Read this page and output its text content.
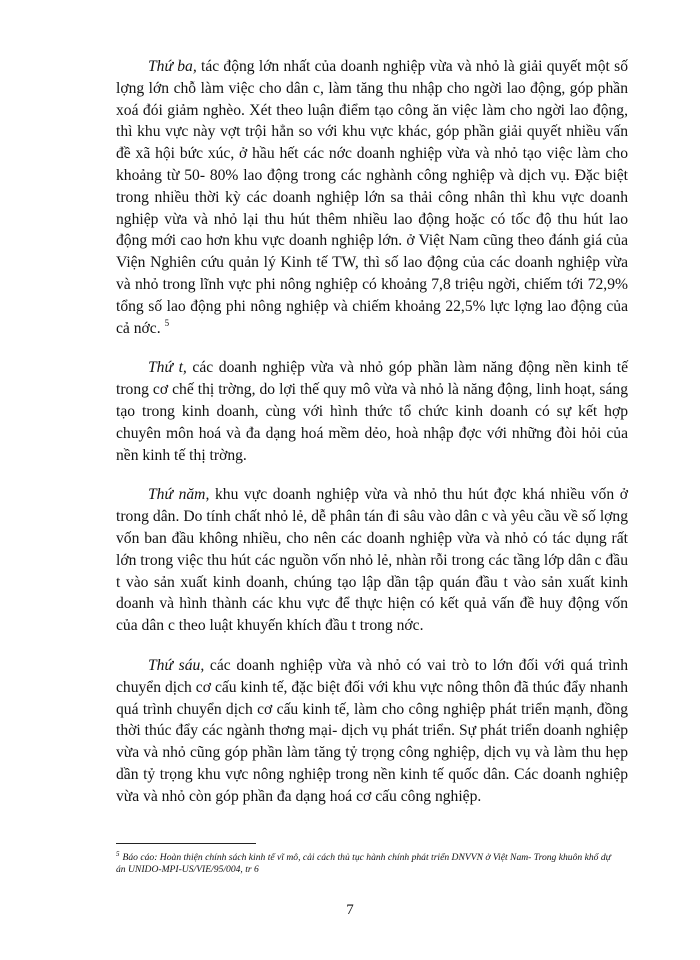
Thứ ba, tác động lớn nhất của doanh nghiệp vừa và nhỏ là giải quyết một số lợng lớn chỗ làm việc cho dân c, làm tăng thu nhập cho ngời lao động, góp phần xoá đói giảm nghèo. Xét theo luận điểm tạo công ăn việc làm cho ngời lao động, thì khu vực này vợt trội hẳn so với khu vực khác, góp phần giải quyết nhiều vấn đề xã hội bức xúc, ở hầu hết các nớc doanh nghiệp vừa và nhỏ tạo việc làm cho khoảng từ 50- 80% lao động trong các nghành công nghiệp và dịch vụ. Đặc biệt trong nhiều thời kỳ các doanh nghiệp lớn sa thải công nhân thì khu vực doanh nghiệp vừa và nhỏ lại thu hút thêm nhiều lao động hoặc có tốc độ thu hút lao động mới cao hơn khu vực doanh nghiệp lớn. ở Việt Nam cũng theo đánh giá của Viện Nghiên cứu quản lý Kinh tế TW, thì số lao động của các doanh nghiệp vừa và nhỏ trong lĩnh vực phi nông nghiệp có khoảng 7,8 triệu ngời, chiếm tới 72,9% tổng số lao động phi nông nghiệp và chiếm khoảng 22,5% lực lợng lao động của cả nớc. $^5$

Thứ t, các doanh nghiệp vừa và nhỏ góp phần làm năng động nền kinh tế trong cơ chế thị trờng, do lợi thế quy mô vừa và nhỏ là năng động, linh hoạt, sáng tạo trong kinh doanh, cùng với hình thức tổ chức kinh doanh có sự kết hợp chuyên môn hoá và đa dạng hoá mềm dẻo, hoà nhập đợc với những đòi hỏi của nền kinh tế thị trờng.

Thứ năm, khu vực doanh nghiệp vừa và nhỏ thu hút đợc khá nhiều vốn ở trong dân. Do tính chất nhỏ lẻ, dễ phân tán đi sâu vào dân c và yêu cầu về số lợng vốn ban đầu không nhiều, cho nên các doanh nghiệp vừa và nhỏ có tác dụng rất lớn trong việc thu hút các nguồn vốn nhỏ lẻ, nhàn rỗi trong các tầng lớp dân c đầu t vào sản xuất kinh doanh, chúng tạo lập dần tập quán đầu t vào sản xuất kinh doanh và hình thành các khu vực để thực hiện có kết quả vấn đề huy động vốn của dân c theo luật khuyến khích đầu t trong nớc.

Thứ sáu, các doanh nghiệp vừa và nhỏ có vai trò to lớn đối với quá trình chuyển dịch cơ cấu kinh tế, đặc biệt đối với khu vực nông thôn đã thúc đẩy nhanh quá trình chuyển dịch cơ cấu kinh tế, làm cho công nghiệp phát triển mạnh, đồng thời thúc đẩy các ngành thơng mại- dịch vụ phát triển. Sự phát triển doanh nghiệp vừa và nhỏ cũng góp phần làm tăng tỷ trọng công nghiệp, dịch vụ và làm thu hẹp dần tỷ trọng khu vực nông nghiệp trong nền kinh tế quốc dân. Các doanh nghiệp vừa và nhỏ còn góp phần đa dạng hoá cơ cấu công nghiệp.

$^5$ Báo cáo: Hoàn thiện chính sách kinh tế vĩ mô, cải cách thủ tục hành chính phát triển DNVVN ở Việt Nam- Trong khuôn khổ dự án UNIDO-MPI-US/VIE/95/004, tr 6

7
